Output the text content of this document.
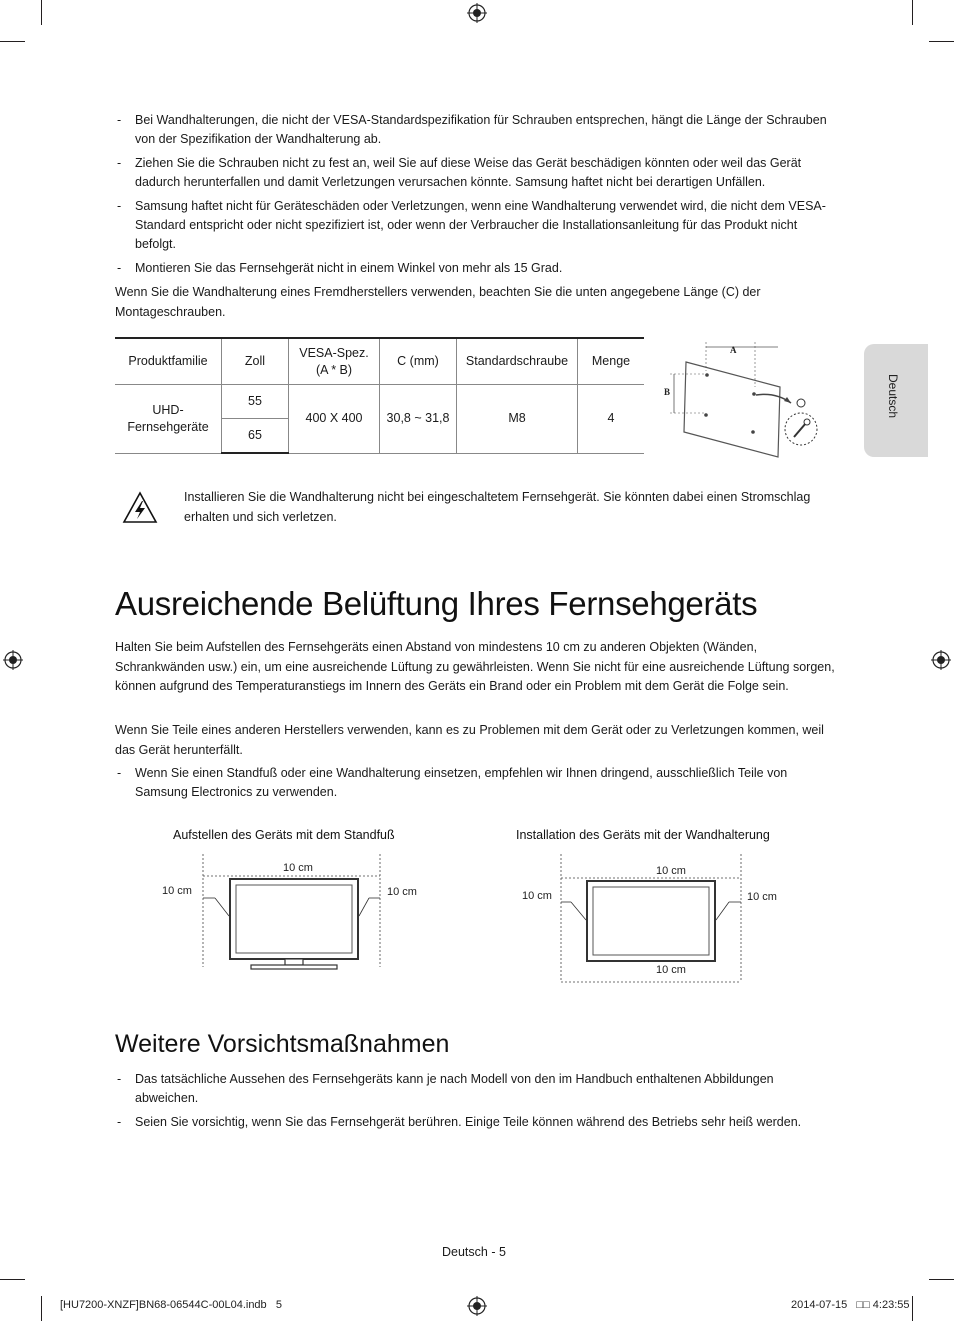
- Bei Wandhalterungen, die nicht der VESA-Standardspezifikation für Schrauben entsprechen, hängt die Länge der Schrauben von der Spezifikation der Wandhalterung ab.
- Ziehen Sie die Schrauben nicht zu fest an, weil Sie auf diese Weise das Gerät beschädigen könnten oder weil das Gerät dadurch herunterfallen und damit Verletzungen verursachen könnte. Samsung haftet nicht bei derartigen Unfällen.
- Samsung haftet nicht für Geräteschäden oder Verletzungen, wenn eine Wandhalterung verwendet wird, die nicht dem VESA-Standard entspricht oder nicht spezifiziert ist, oder wenn der Verbraucher die Installationsanleitung für das Produkt nicht befolgt.
- Montieren Sie das Fernsehgerät nicht in einem Winkel von mehr als 15 Grad.
Wenn Sie die Wandhalterung eines Fremdherstellers verwenden, beachten Sie die unten angegebene Länge (C) der Montageschrauben.
Produktfamilie	Zoll	VESA-Spez. (A * B)	C (mm)	Standardschraube	Menge
UHD-Fernsehgeräte	55	400 X 400	30,8 ~ 31,8	M8	4
	65				
A
B
Installieren Sie die Wandhalterung nicht bei eingeschaltetem Fernsehgerät. Sie könnten dabei einen Stromschlag erhalten und sich verletzen.
Ausreichende Belüftung Ihres Fernsehgeräts
Halten Sie beim Aufstellen des Fernsehgeräts einen Abstand von mindestens 10 cm zu anderen Objekten (Wänden, Schrankwänden usw.) ein, um eine ausreichende Lüftung zu gewährleisten. Wenn Sie nicht für eine ausreichende Lüftung sorgen, können aufgrund des Temperaturanstiegs im Innern des Geräts ein Brand oder ein Problem mit dem Gerät die Folge sein.
Wenn Sie Teile eines anderen Herstellers verwenden, kann es zu Problemen mit dem Gerät oder zu Verletzungen kommen, weil das Gerät herunterfällt.
- Wenn Sie einen Standfuß oder eine Wandhalterung einsetzen, empfehlen wir Ihnen dringend, ausschließlich Teile von Samsung Electronics zu verwenden.
Aufstellen des Geräts mit dem Standfuß	Installation des Geräts mit der Wandhalterung
10 cm
10 cm	10 cm
10 cm
10 cm	10 cm
10 cm
Weitere Vorsichtsmaßnahmen
- Das tatsächliche Aussehen des Fernsehgeräts kann je nach Modell von den im Handbuch enthaltenen Abbildungen abweichen.
- Seien Sie vorsichtig, wenn Sie das Fernsehgerät berühren. Einige Teile können während des Betriebs sehr heiß werden.
Deutsch
Deutsch - 5
[HU7200-XNZF]BN68-06544C-00L04.indb   5	2014-07-15   □□ 4:23:55
